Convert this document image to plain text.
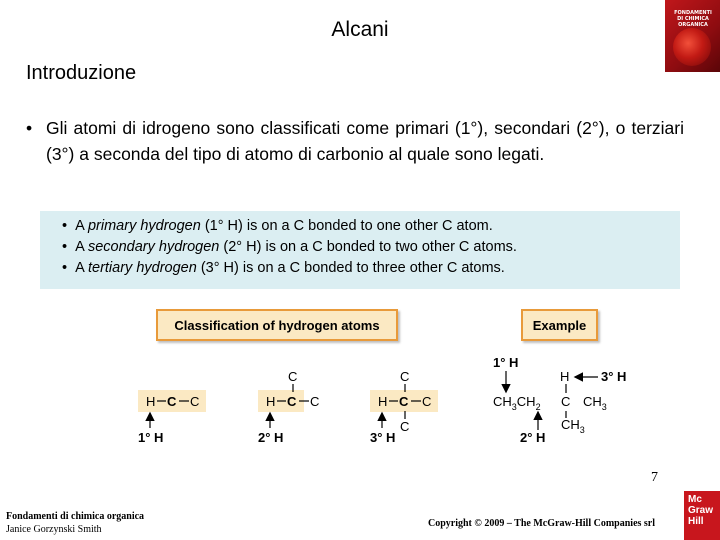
Alcani
Introduzione
FONDAMENTI
DI CHIMICA
ORGANICA
• Gli atomi di idrogeno sono classificati come primari (1°), secondari (2°), o terziari (3°) a seconda del tipo di atomo di carbonio al quale sono legati.
• A primary hydrogen (1° H) is on a C bonded to one other C atom.
• A secondary hydrogen (2° H) is on a C bonded to two other C atoms.
• A tertiary hydrogen (3° H) is on a C bonded to three other C atoms.
Classification of hydrogen atoms	Example
H C C
1° H
C
H C C
2° H
C
H C C
C
3° H
1° H
H 3° H
$CH_3CH_2$ C $CH_3$
$CH_3$
2° H
7
Fondamenti di chimica organica
Janice Gorzynski Smith
Copyright © 2009 – The McGraw-Hill Companies srl
Mc
Graw
Hill
